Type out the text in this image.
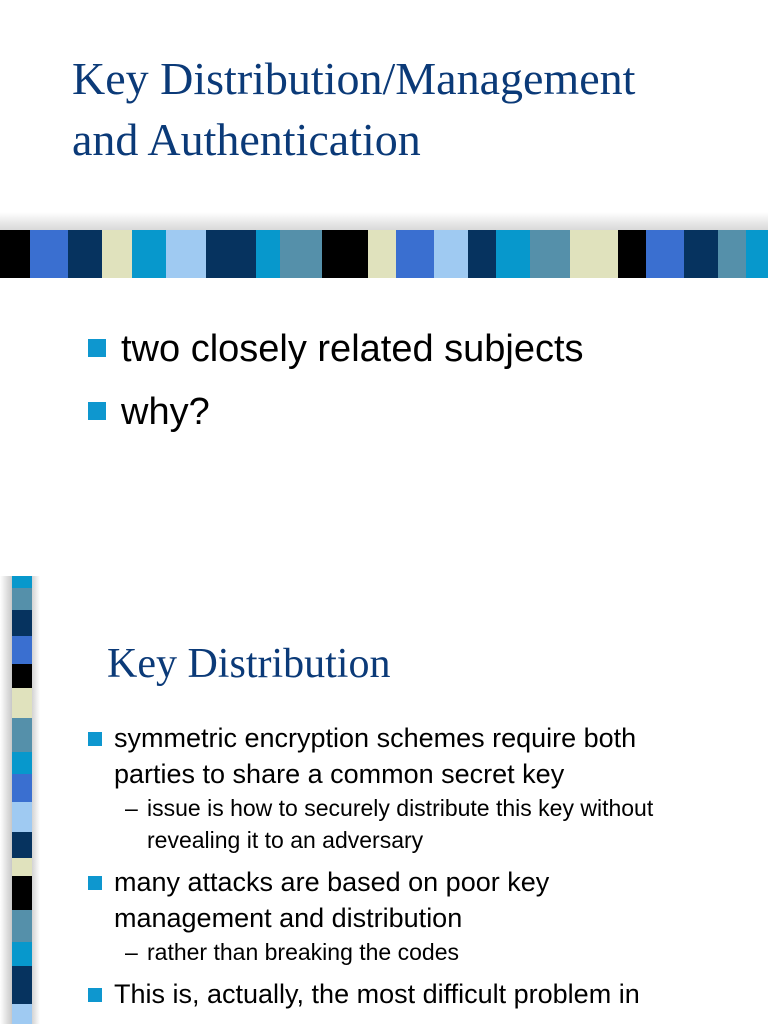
Key Distribution/Management
and Authentication
two closely related subjects
why?
Key Distribution
symmetric encryption schemes require both
parties to share a common secret key
– issue is how to securely distribute this key without
revealing it to an adversary
many attacks are based on poor key
management and distribution
– rather than breaking the codes
This is, actually, the most difficult problem in
